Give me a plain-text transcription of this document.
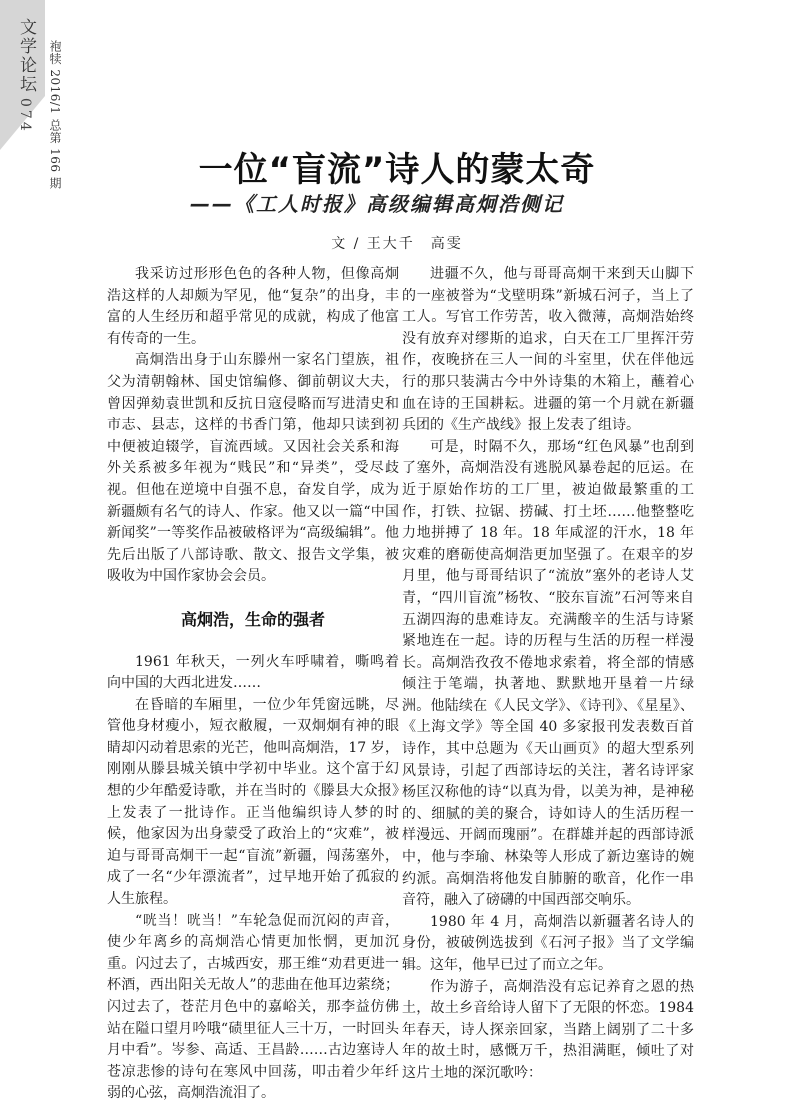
文学论坛
074 袍犊 2016/1 总第 166 期	一位“盲流”诗人的蒙太奇
——《工人时报》高级编辑高炯浩侧记
文 / 王大千　高雯

我采访过形形色色的各种人物，但像高炯浩这样的人却颇为罕见，他“复杂”的出身，丰富的人生经历和超乎常见的成就，构成了他富有传奇的一生。

高炯浩出身于山东滕州一家名门望族，祖父为清朝翰林、国史馆编修、御前朝议大夫，曾因弹劾袁世凯和反抗日寇侵略而写进清史和市志、县志，这样的书香门第，他却只读到初中便被迫辍学，盲流西域。又因社会关系和海外关系被多年视为“贱民”和“异类”，受尽歧视。但他在逆境中自强不息，奋发自学，成为新疆颇有名气的诗人、作家。他又以一篇“中国新闻奖”一等奖作品被破格评为“高级编辑”。他先后出版了八部诗歌、散文、报告文学集，被吸收为中国作家协会会员。

高炯浩，生命的强者

1961 年秋天，一列火车呼啸着，嘶鸣着向中国的大西北进发……

在昏暗的车厢里，一位少年凭窗远眺，尽管他身材瘦小，短衣敝履，一双炯炯有神的眼睛却闪动着思索的光芒，他叫高炯浩，17 岁，刚刚从滕县城关镇中学初中毕业。这个富于幻想的少年酷爱诗歌，并在当时的《滕县大众报》上发表了一批诗作。正当他编织诗人梦的时候，他家因为出身蒙受了政治上的“灾难”，被迫与哥哥高炯干一起“盲流”新疆，闯荡塞外，成了一名“少年漂流者”，过早地开始了孤寂的人生旅程。

“咣当！咣当！”车轮急促而沉闷的声音，使少年离乡的高炯浩心情更加怅惘，更加沉重。闪过去了，古城西安，那王维“劝君更进一杯酒，西出阳关无故人”的悲曲在他耳边萦绕；闪过去了，苍茫月色中的嘉峪关，那李益仿佛站在隘口望月吟哦“碛里征人三十万，一时回头月中看”。岑参、高适、王昌龄……古边塞诗人苍凉悲惨的诗句在寒风中回荡，叩击着少年纤弱的心弦，高炯浩流泪了。

进疆不久，他与哥哥高炯干来到天山脚下的一座被誉为“戈壁明珠”新城石河子，当上了工人。写官工作劳苦，收入微薄，高炯浩始终没有放弃对缪斯的追求，白天在工厂里挥汗劳作，夜晚挤在三人一间的斗室里，伏在伴他远行的那只装满古今中外诗集的木箱上，蘸着心血在诗的王国耕耘。进疆的第一个月就在新疆兵团的《生产战线》报上发表了组诗。

可是，时隔不久，那场“红色风暴”也刮到了塞外，高炯浩没有逃脱风暴卷起的厄运。在近于原始作坊的工厂里，被迫做最繁重的工作，打铁、拉锯、捞碱、打土坯……他整整吃力地拼搏了 18 年。18 年咸涩的汗水，18 年灾难的磨砺使高炯浩更加坚强了。在艰辛的岁月里，他与哥哥结识了“流放”塞外的老诗人艾青，“四川盲流”杨牧、“胶东盲流”石河等来自五湖四海的患难诗友。充满酸辛的生活与诗紧紧地连在一起。诗的历程与生活的历程一样漫长。高炯浩孜孜不倦地求索着，将全部的情感倾注于笔端，执著地、默默地开垦着一片绿洲。他陆续在《人民文学》、《诗刊》、《星星》、《上海文学》等全国 40 多家报刊发表数百首诗作，其中总题为《天山画页》的超大型系列风景诗，引起了西部诗坛的关注，著名诗评家杨匡汉称他的诗“以真为骨，以美为神，是神秘的、细腻的美的聚合，诗如诗人的生活历程一样漫远、开阔而瑰丽”。在群雄并起的西部诗派中，他与李瑜、林染等人形成了新边塞诗的婉约派。高炯浩将他发自肺腑的歌音，化作一串音符，融入了磅礴的中国西部交响乐。

1980 年 4 月，高炯浩以新疆著名诗人的身份，被破例选拔到《石河子报》当了文学编辑。这年，他早已过了而立之年。

作为游子，高炯浩没有忘记养育之恩的热土，故土乡音给诗人留下了无限的怀恋。1984 年春天，诗人探亲回家，当踏上阔别了二十多年的故土时，感慨万千，热泪满眶，倾吐了对这片土地的深沉歌吟：
